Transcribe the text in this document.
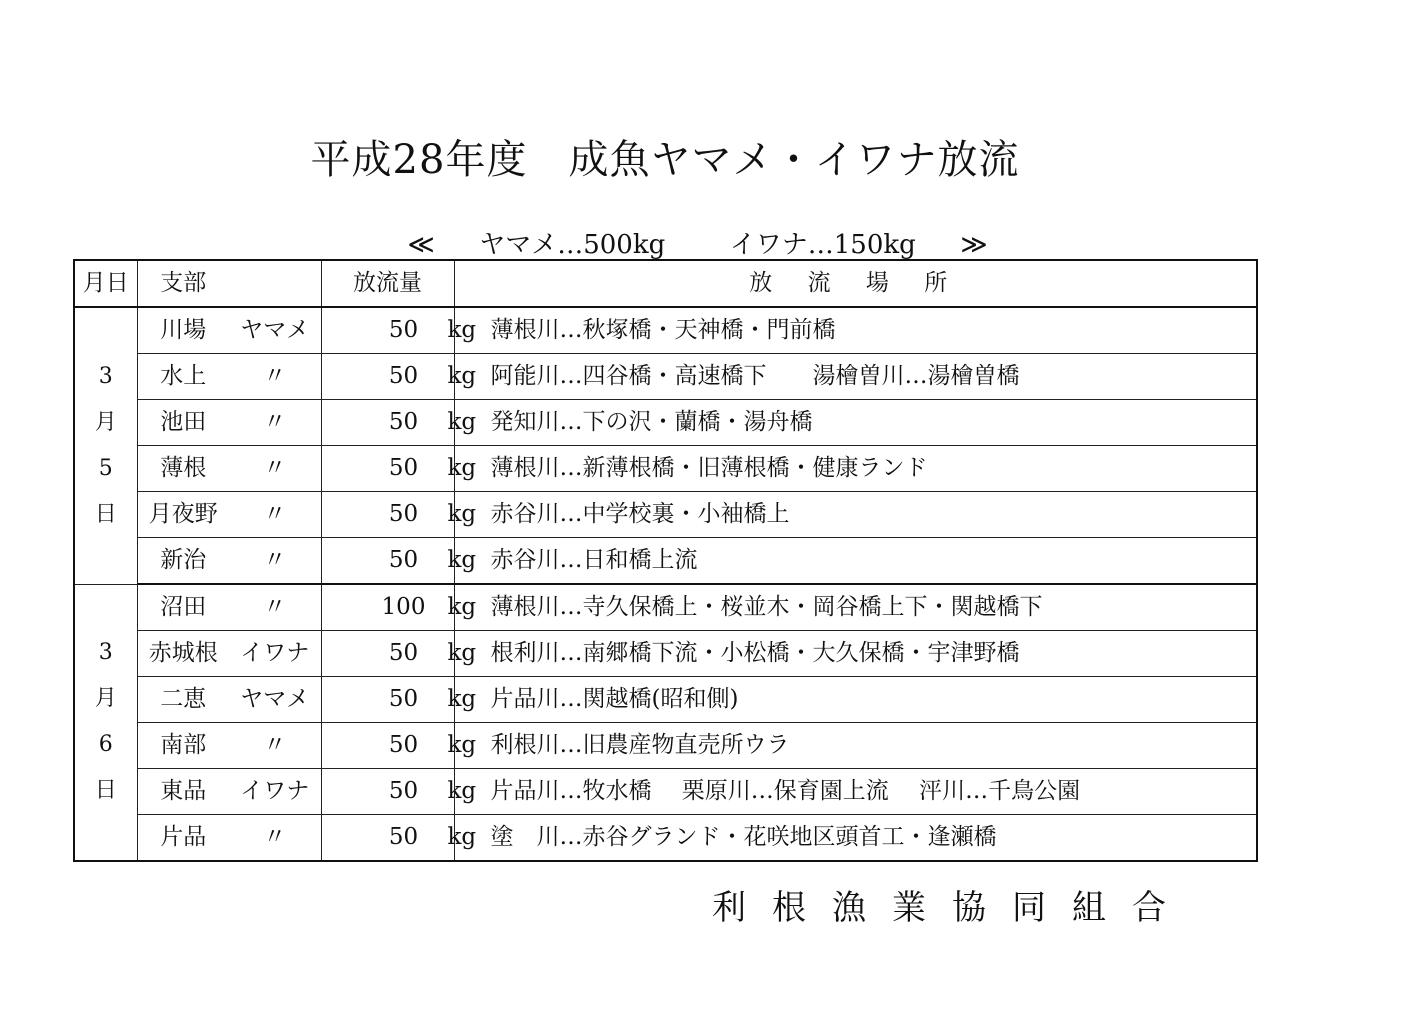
平成28年度　成魚ヤマメ・イワナ放流
≪ ヤマメ…500kg イワナ…150kg ≫
月日	支部		放流量	放 流 場 所

3
月
5
日	川場	ヤマメ	50 kg	薄根川…秋塚橋・天神橋・門前橋
	水上	〃	50 kg	阿能川…四谷橋・高速橋下　　湯檜曽川…湯檜曽橋
	池田	〃	50 kg	発知川…下の沢・蘭橋・湯舟橋
	薄根	〃	50 kg	薄根川…新薄根橋・旧薄根橋・健康ランド
	月夜野	〃	50 kg	赤谷川…中学校裏・小袖橋上
	新治	〃	50 kg	赤谷川…日和橋上流

3
月
6
日	沼田	〃	100 kg	薄根川…寺久保橋上・桜並木・岡谷橋上下・関越橋下
	赤城根	イワナ	50 kg	根利川…南郷橋下流・小松橋・大久保橋・宇津野橋
	二恵	ヤマメ	50 kg	片品川…関越橋(昭和側)
	南部	〃	50 kg	利根川…旧農産物直売所ウラ
	東品	イワナ	50 kg	片品川…牧水橋　 栗原川…保育園上流　 泙川…千鳥公園
	片品	〃	50 kg	塗　川…赤谷グランド・花咲地区頭首工・逢瀬橋
利根漁業協同組合
